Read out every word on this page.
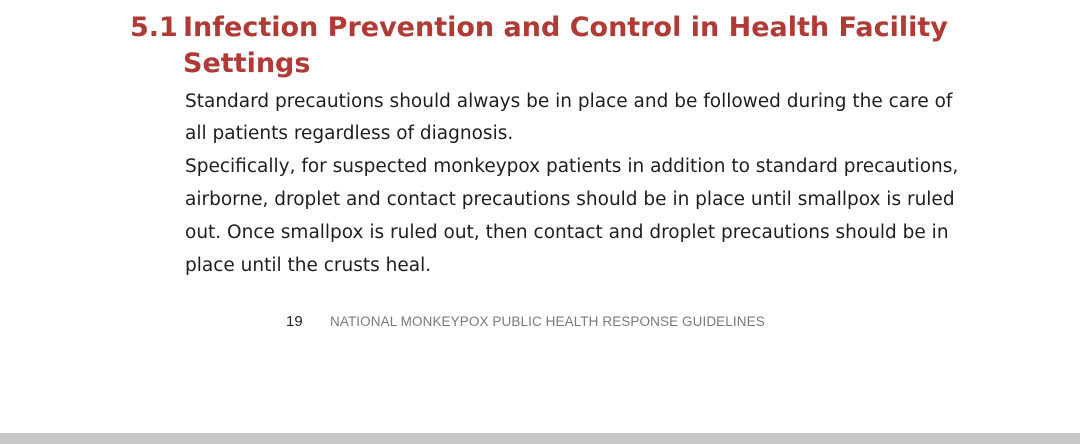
5.1 Infection Prevention and Control in Health Facility Settings

Standard precautions should always be in place and be followed during the care of all patients regardless of diagnosis.

Specifically, for suspected monkeypox patients in addition to standard precautions, airborne, droplet and contact precautions should be in place until smallpox is ruled out. Once smallpox is ruled out, then contact and droplet precautions should be in place until the crusts heal.

19 NATIONAL MONKEYPOX PUBLIC HEALTH RESPONSE GUIDELINES
